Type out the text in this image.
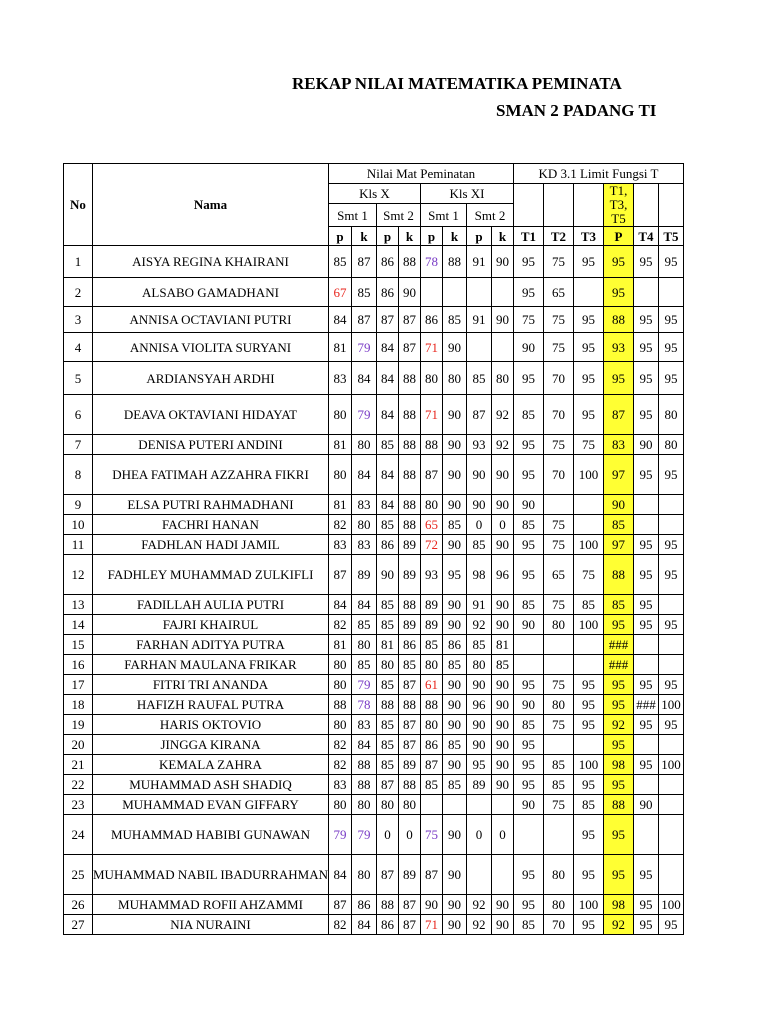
REKAP NILAI MATEMATIKA PEMINATA
SMAN 2 PADANG TI
No	Nama	Nilai Mat Peminatan								KD 3.1 Limit Fungsi T					
		Kls X				Kls XI							T1, T3, T5		
		Smt 1		Smt 2		Smt 1		Smt 2							
		p	k	p	k	p	k	p	k	T1	T2	T3	P	T4	T5
1	AISYA REGINA KHAIRANI	85	87	86	88	78	88	91	90	95	75	95	95	95	95
2	ALSABO GAMADHANI	67	85	86	90					95	65		95		
3	ANNISA OCTAVIANI PUTRI	84	87	87	87	86	85	91	90	75	75	95	88	95	95
4	ANNISA VIOLITA SURYANI	81	79	84	87	71	90			90	75	95	93	95	95
5	ARDIANSYAH ARDHI	83	84	84	88	80	80	85	80	95	70	95	95	95	95
6	DEAVA OKTAVIANI HIDAYAT	80	79	84	88	71	90	87	92	85	70	95	87	95	80
7	DENISA PUTERI ANDINI	81	80	85	88	88	90	93	92	95	75	75	83	90	80
8	DHEA FATIMAH AZZAHRA FIKRI	80	84	84	88	87	90	90	90	95	70	100	97	95	95
9	ELSA PUTRI RAHMADHANI	81	83	84	88	80	90	90	90	90			90		
10	FACHRI HANAN	82	80	85	88	65	85	0	0	85	75		85		
11	FADHLAN HADI JAMIL	83	83	86	89	72	90	85	90	95	75	100	97	95	95
12	FADHLEY MUHAMMAD ZULKIFLI	87	89	90	89	93	95	98	96	95	65	75	88	95	95
13	FADILLAH AULIA PUTRI	84	84	85	88	89	90	91	90	85	75	85	85	95	
14	FAJRI KHAIRUL	82	85	85	89	89	90	92	90	90	80	100	95	95	95
15	FARHAN ADITYA PUTRA	81	80	81	86	85	86	85	81				###		
16	FARHAN MAULANA FRIKAR	80	85	80	85	80	85	80	85				###		
17	FITRI TRI ANANDA	80	79	85	87	61	90	90	90	95	75	95	95	95	95
18	HAFIZH RAUFAL PUTRA	88	78	88	88	88	90	96	90	90	80	95	95	###	100
19	HARIS OKTOVIO	80	83	85	87	80	90	90	90	85	75	95	92	95	95
20	JINGGA KIRANA	82	84	85	87	86	85	90	90	95			95		
21	KEMALA ZAHRA	82	88	85	89	87	90	95	90	95	85	100	98	95	100
22	MUHAMMAD ASH SHADIQ	83	88	87	88	85	85	89	90	95	85	95	95		
23	MUHAMMAD EVAN GIFFARY	80	80	80	80					90	75	85	88	90	
24	MUHAMMAD HABIBI GUNAWAN	79	79	0	0	75	90	0	0			95	95		
25	MUHAMMAD NABIL IBADURRAHMAN	84	80	87	89	87	90			95	80	95	95	95	
26	MUHAMMAD ROFII AHZAMMI	87	86	88	87	90	90	92	90	95	80	100	98	95	100
27	NIA NURAINI	82	84	86	87	71	90	92	90	85	70	95	92	95	95
